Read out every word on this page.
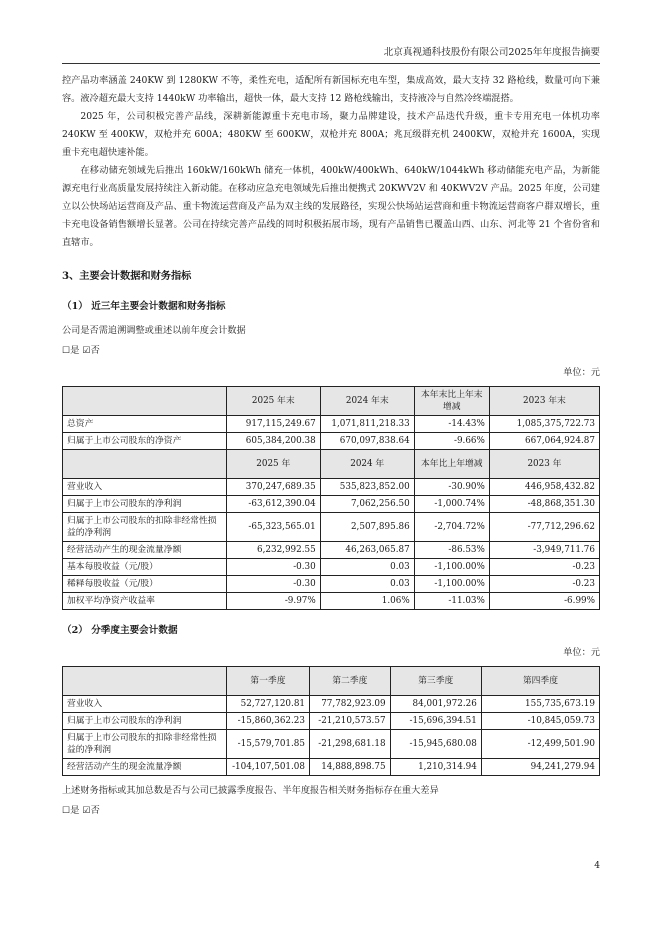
北京真视通科技股份有限公司2025年年度报告摘要

控产品功率涵盖 240KW 到 1280KW 不等，柔性充电，适配所有新国标充电车型，集成高效，最大支持 32 路枪线，数量可向下兼容。液冷超充最大支持 1440kW 功率输出，超快一体，最大支持 12 路枪线输出，支持液冷与自然冷终端混搭。

2025 年，公司积极完善产品线，深耕新能源重卡充电市场，聚力品牌建设，技术产品迭代升级，重卡专用充电一体机功率 240KW 至 400KW，双枪并充 600A；480KW 至 600KW，双枪并充 800A；兆瓦级群充机 2400KW，双枪并充 1600A，实现重卡充电超快速补能。

在移动储充领域先后推出 160kW/160kWh 储充一体机，400kW/400kWh、640kW/1044kWh 移动储能充电产品，为新能源充电行业高质量发展持续注入新动能。在移动应急充电领域先后推出便携式 20KWV2V 和 40KWV2V 产品。2025 年度，公司建立以公快场站运营商及产品、重卡物流运营商及产品为双主线的发展路径，实现公快场站运营商和重卡物流运营商客户群双增长，重卡充电设备销售额增长显著。公司在持续完善产品线的同时积极拓展市场，现有产品销售已覆盖山西、山东、河北等 21 个省份省和直辖市。

3、主要会计数据和财务指标
（1） 近三年主要会计数据和财务指标
公司是否需追溯调整或重述以前年度会计数据
☐是 ☑否
单位：元
	2025 年末	2024 年末	本年末比上年末增减	2023 年末
总资产	917,115,249.67	1,071,811,218.33	-14.43%	1,085,375,722.73
归属于上市公司股东的净资产	605,384,200.38	670,097,838.64	-9.66%	667,064,924.87
	2025 年	2024 年	本年比上年增减	2023 年
营业收入	370,247,689.35	535,823,852.00	-30.90%	446,958,432.82
归属于上市公司股东的净利润	-63,612,390.04	7,062,256.50	-1,000.74%	-48,868,351.30
归属于上市公司股东的扣除非经常性损益的净利润	-65,323,565.01	2,507,895.86	-2,704.72%	-77,712,296.62
经营活动产生的现金流量净额	6,232,992.55	46,263,065.87	-86.53%	-3,949,711.76
基本每股收益（元/股）	-0.30	0.03	-1,100.00%	-0.23
稀释每股收益（元/股）	-0.30	0.03	-1,100.00%	-0.23
加权平均净资产收益率	-9.97%	1.06%	-11.03%	-6.99%
（2） 分季度主要会计数据
单位：元
	第一季度	第二季度	第三季度	第四季度
营业收入	52,727,120.81	77,782,923.09	84,001,972.26	155,735,673.19
归属于上市公司股东的净利润	-15,860,362.23	-21,210,573.57	-15,696,394.51	-10,845,059.73
归属于上市公司股东的扣除非经常性损益的净利润	-15,579,701.85	-21,298,681.18	-15,945,680.08	-12,499,501.90
经营活动产生的现金流量净额	-104,107,501.08	14,888,898.75	1,210,314.94	94,241,279.94
上述财务指标或其加总数是否与公司已披露季度报告、半年度报告相关财务指标存在重大差异
☐是 ☑否
4
